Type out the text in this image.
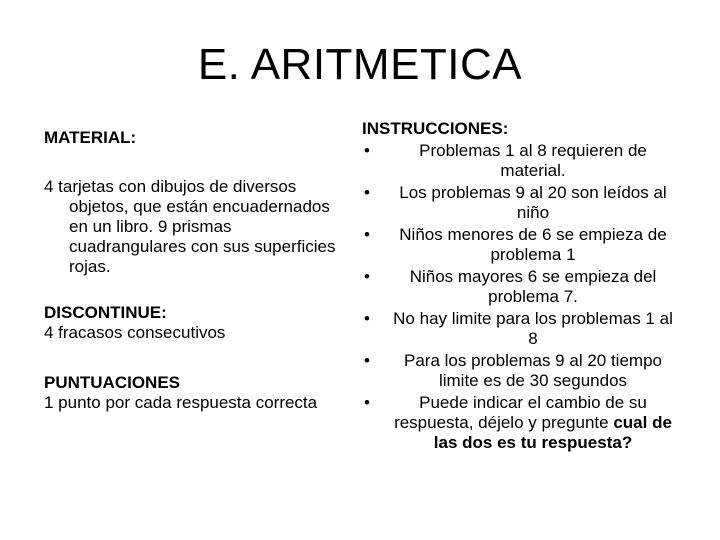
E. ARITMETICA
MATERIAL:
4 tarjetas con dibujos de diversos objetos, que están encuadernados en un libro. 9 prismas cuadrangulares con sus superficies rojas.
DISCONTINUE:
4 fracasos consecutivos
PUNTUACIONES
1 punto por cada respuesta correcta
INSTRUCCIONES:
•	Problemas 1 al 8 requieren de material.
•	Los problemas 9 al 20 son leídos al niño
•	Niños menores de 6 se empieza de problema 1
•	Niños mayores 6 se empieza del problema 7.
• No hay limite para los problemas 1 al 8
•	Para los problemas 9 al 20 tiempo limite es de 30 segundos
•	Puede indicar el cambio de su respuesta, déjelo y pregunte cual de las dos es tu respuesta?
